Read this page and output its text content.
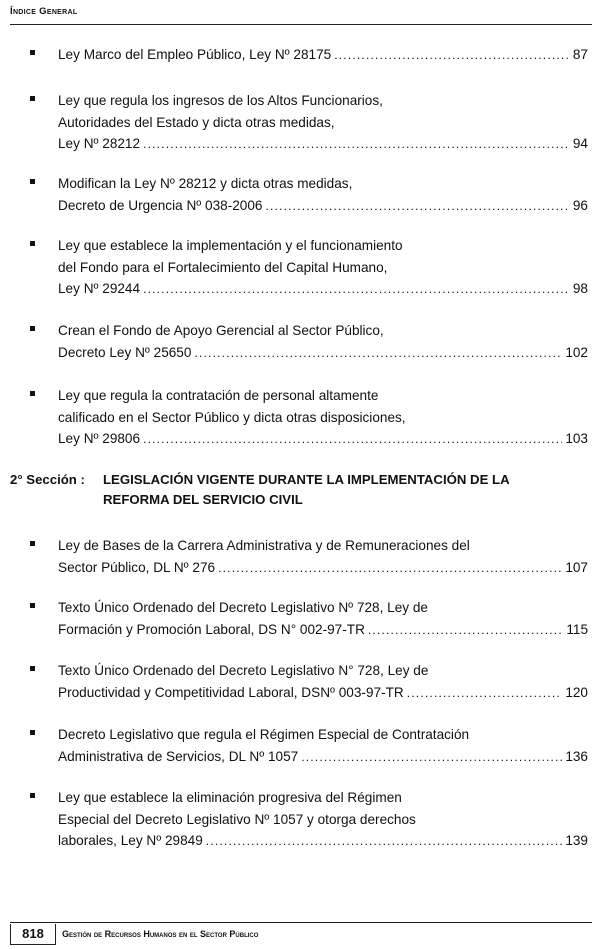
Índice General
Ley Marco del Empleo Público, Ley Nº 28175 .....	87
Ley que regula los ingresos de los Altos Funcionarios,
Autoridades del Estado y dicta otras medidas,
Ley Nº 28212 .....	94
Modifican la Ley Nº 28212 y dicta otras medidas,
Decreto de Urgencia Nº 038-2006 .....	96
Ley que establece la implementación y el funcionamiento
del Fondo para el Fortalecimiento del Capital Humano,
Ley Nº 29244 .....	98
Crean el Fondo de Apoyo Gerencial al Sector Público,
Decreto Ley Nº 25650 .....	102
Ley que regula la contratación de personal altamente
calificado en el Sector Público y dicta otras disposiciones,
Ley Nº 29806 .....	103
2° Sección : LEGISLACIÓN VIGENTE DURANTE LA IMPLEMENTACIÓN DE LA REFORMA DEL SERVICIO CIVIL
Ley de Bases de la Carrera Administrativa y de Remuneraciones del
Sector Público, DL Nº 276 .....	107
Texto Único Ordenado del Decreto Legislativo Nº 728, Ley de
Formación y Promoción Laboral, DS N° 002-97-TR .....	115
Texto Único Ordenado del Decreto Legislativo N° 728, Ley de
Productividad y Competitividad Laboral, DSNº 003-97-TR .....	120
Decreto Legislativo que regula el Régimen Especial de Contratación
Administrativa de Servicios, DL Nº 1057 .....	136
Ley que establece la eliminación progresiva del Régimen
Especial del Decreto Legislativo Nº 1057 y otorga derechos
laborales, Ley Nº 29849 .....	139
818	Gestión de Recursos Humanos en el Sector Público
